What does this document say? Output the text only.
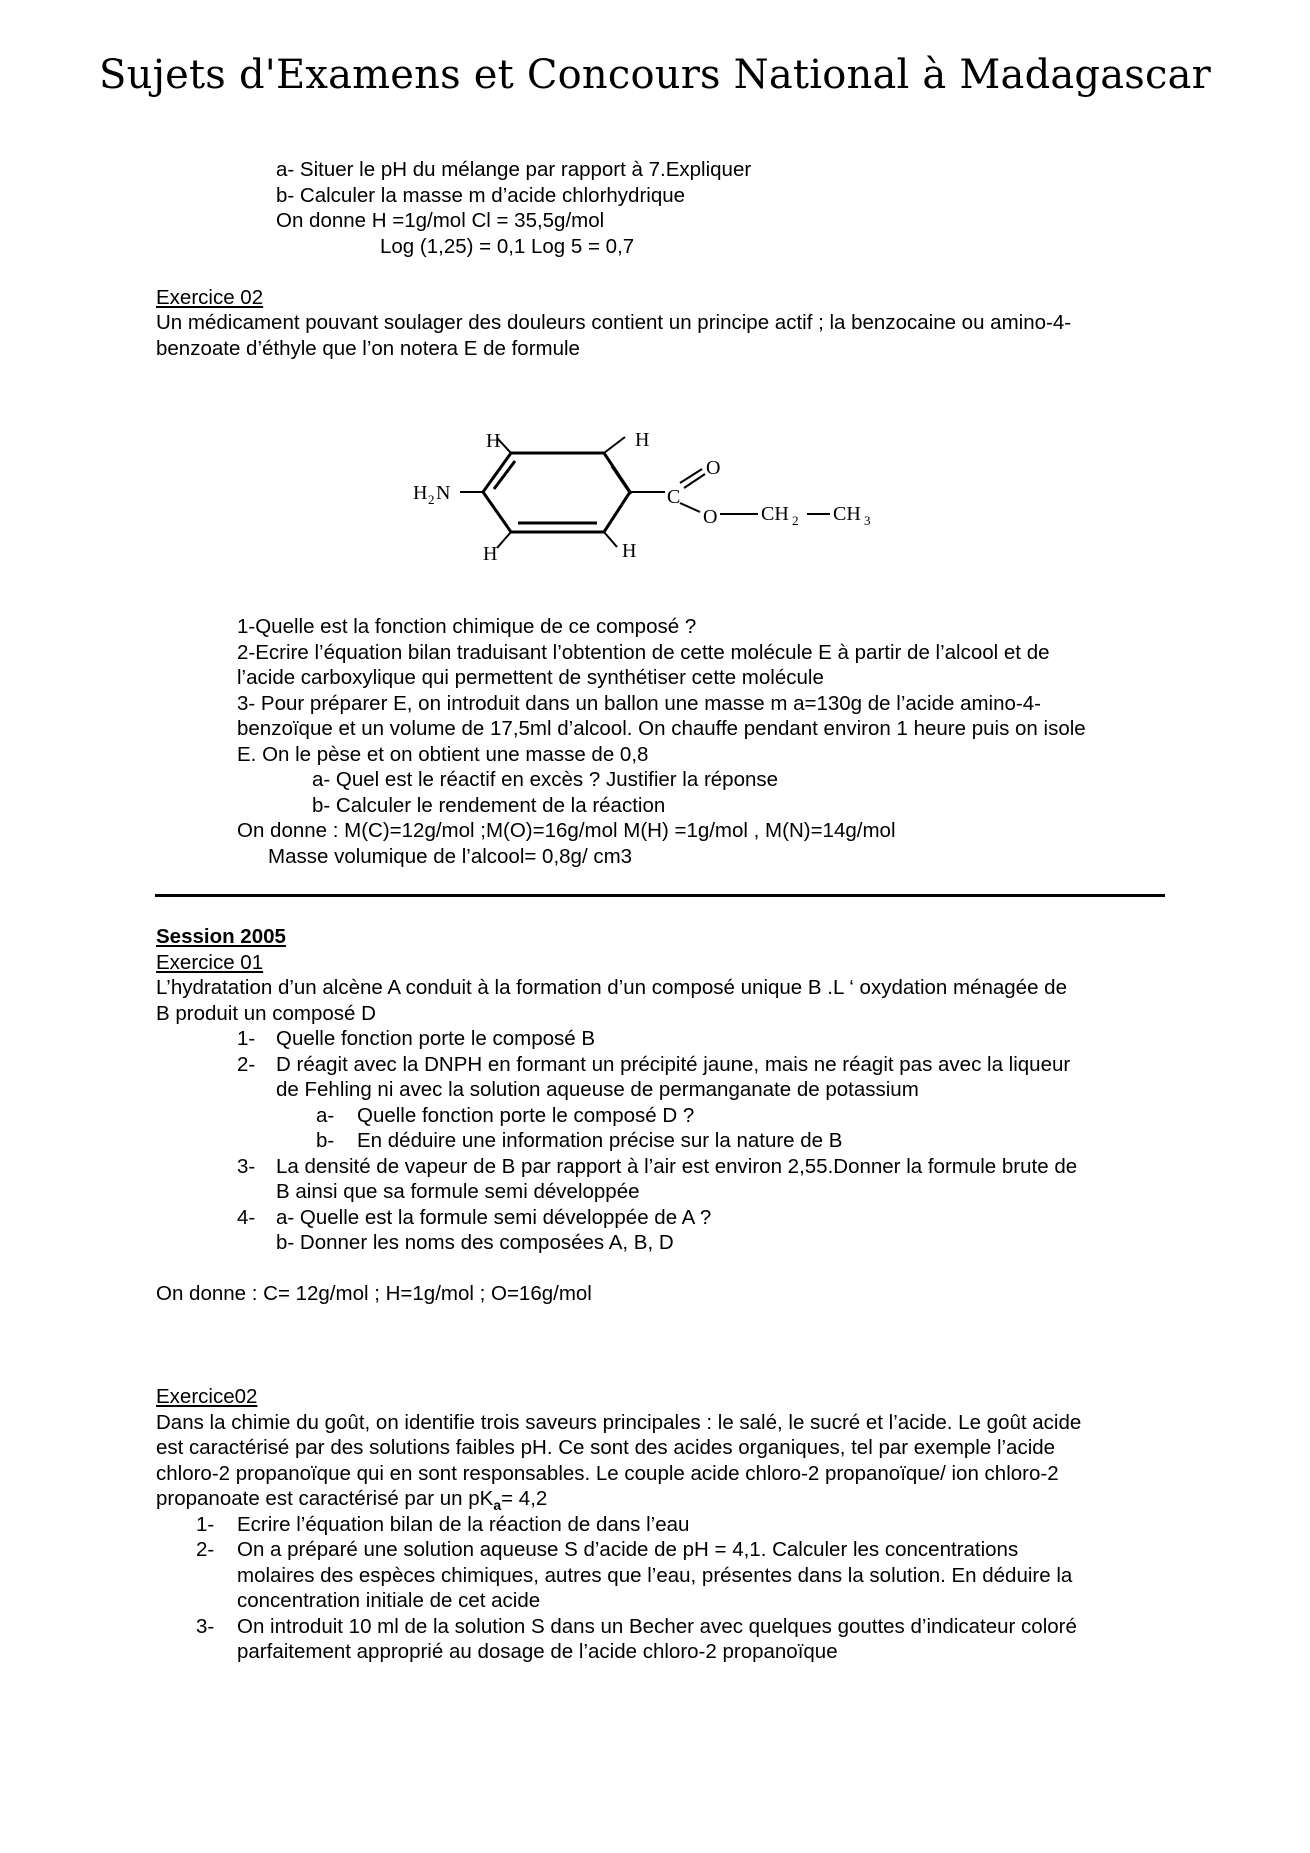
Sujets d'Examens et Concours National à Madagascar
a- Situer le pH du mélange par rapport à 7.Expliquer
b- Calculer la masse m d’acide chlorhydrique
On donne H =1g/mol Cl = 35,5g/mol
Log (1,25) = 0,1 Log 5 = 0,7
Exercice 02
Un médicament pouvant soulager des douleurs contient un principe actif ; la benzocaine ou amino-4-
benzoate d’éthyle que l’on notera E de formule
H 2 N
H	H
H	H
C
O
O CH 2 CH 3
1-Quelle est la fonction chimique de ce composé ?
2-Ecrire l’équation bilan traduisant l’obtention de cette molécule E à partir de l’alcool et de
l’acide carboxylique qui permettent de synthétiser cette molécule
3- Pour préparer E, on introduit dans un ballon une masse m a=130g de l’acide amino-4-
benzoïque et un volume de 17,5ml d’alcool. On chauffe pendant environ 1 heure puis on isole
E. On le pèse et on obtient une masse de 0,8
a- Quel est le réactif en excès ? Justifier la réponse
b- Calculer le rendement de la réaction
On donne : M(C)=12g/mol ;M(O)=16g/mol M(H) =1g/mol , M(N)=14g/mol
Masse volumique de l’alcool= 0,8g/ cm3
Session 2005
Exercice 01
L’hydratation d’un alcène A conduit à la formation d’un composé unique B .L ‘ oxydation ménagée de
B produit un composé D
1- Quelle fonction porte le composé B
2- D réagit avec la DNPH en formant un précipité jaune, mais ne réagit pas avec la liqueur
de Fehling ni avec la solution aqueuse de permanganate de potassium
a- Quelle fonction porte le composé D ?
b- En déduire une information précise sur la nature de B
3- La densité de vapeur de B par rapport à l’air est environ 2,55.Donner la formule brute de
B ainsi que sa formule semi développée
4- a- Quelle est la formule semi développée de A ?
b- Donner les noms des composées A, B, D
On donne : C= 12g/mol ; H=1g/mol ; O=16g/mol
Exercice02
Dans la chimie du goût, on identifie trois saveurs principales : le salé, le sucré et l’acide. Le goût acide
est caractérisé par des solutions faibles pH. Ce sont des acides organiques, tel par exemple l’acide
chloro-2 propanoïque qui en sont responsables. Le couple acide chloro-2 propanoïque/ ion chloro-2
propanoate est caractérisé par un $pK_a= 4,2$
1- Ecrire l’équation bilan de la réaction de dans l’eau
2- On a préparé une solution aqueuse S d’acide de pH = 4,1. Calculer les concentrations
molaires des espèces chimiques, autres que l’eau, présentes dans la solution. En déduire la
concentration initiale de cet acide
3- On introduit 10 ml de la solution S dans un Becher avec quelques gouttes d’indicateur coloré
parfaitement approprié au dosage de l’acide chloro-2 propanoïque
